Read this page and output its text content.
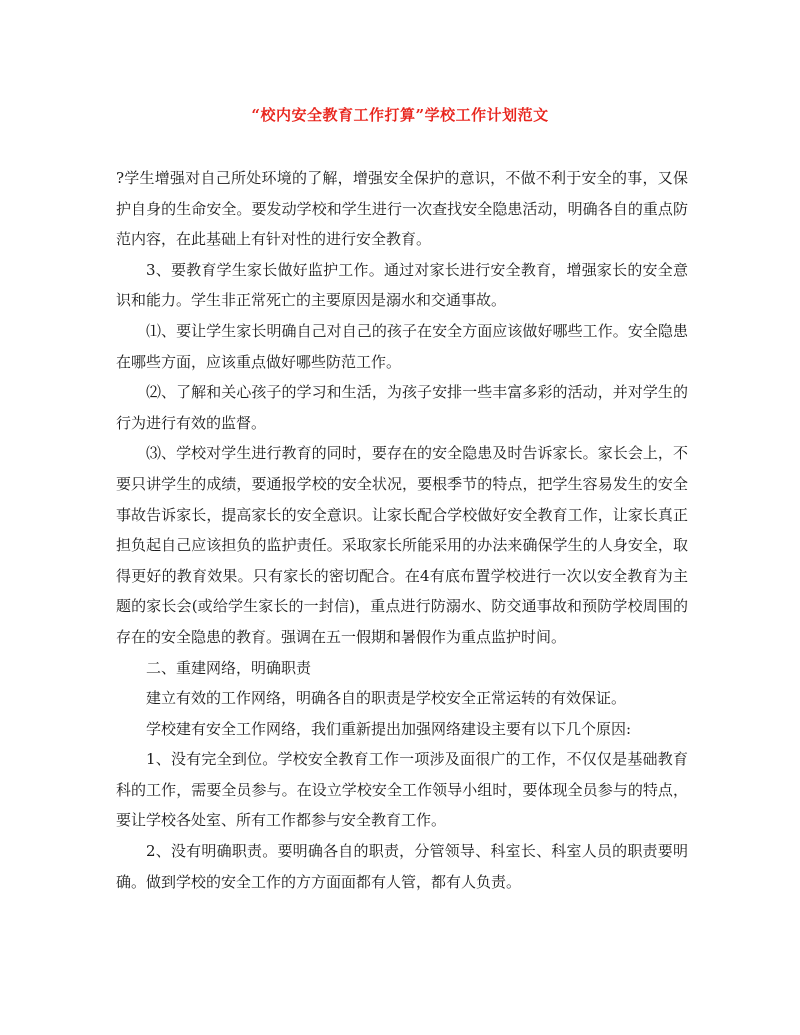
“校内安全教育工作打算”学校工作计划范文

?学生增强对自己所处环境的了解，增强安全保护的意识，不做不利于安全的事，又保护自身的生命安全。要发动学校和学生进行一次查找安全隐患活动，明确各自的重点防范内容，在此基础上有针对性的进行安全教育。

3、要教育学生家长做好监护工作。通过对家长进行安全教育，增强家长的安全意识和能力。学生非正常死亡的主要原因是溺水和交通事故。

⑴、要让学生家长明确自己对自己的孩子在安全方面应该做好哪些工作。安全隐患在哪些方面，应该重点做好哪些防范工作。

⑵、了解和关心孩子的学习和生活，为孩子安排一些丰富多彩的活动，并对学生的行为进行有效的监督。

⑶、学校对学生进行教育的同时，要存在的安全隐患及时告诉家长。家长会上，不要只讲学生的成绩，要通报学校的安全状况，要根季节的特点，把学生容易发生的安全事故告诉家长，提高家长的安全意识。让家长配合学校做好安全教育工作，让家长真正担负起自己应该担负的监护责任。采取家长所能采用的办法来确保学生的人身安全，取得更好的教育效果。只有家长的密切配合。在4有底布置学校进行一次以安全教育为主题的家长会(或给学生家长的一封信)，重点进行防溺水、防交通事故和预防学校周围的存在的安全隐患的教育。强调在五一假期和暑假作为重点监护时间。

二、重建网络，明确职责

建立有效的工作网络，明确各自的职责是学校安全正常运转的有效保证。

学校建有安全工作网络，我们重新提出加强网络建设主要有以下几个原因:

1、没有完全到位。学校安全教育工作一项涉及面很广的工作，不仅仅是基础教育科的工作，需要全员参与。在设立学校安全工作领导小组时，要体现全员参与的特点，要让学校各处室、所有工作都参与安全教育工作。

2、没有明确职责。要明确各自的职责，分管领导、科室长、科室人员的职责要明确。做到学校的安全工作的方方面面都有人管，都有人负责。
